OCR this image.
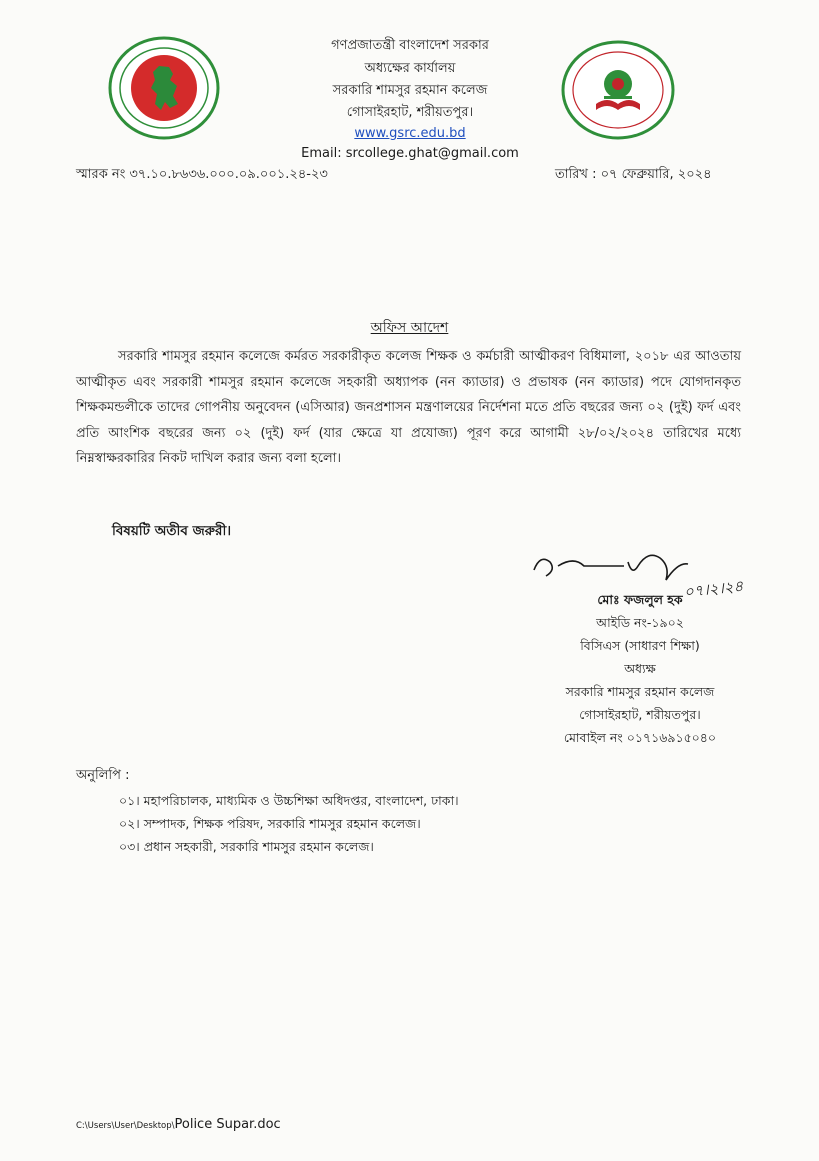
গণপ্রজাতন্ত্রী বাংলাদেশ সরকার
অধ্যক্ষের কার্যালয়
সরকারি শামসুর রহমান কলেজ
গোসাইরহাট, শরীয়তপুর।
www.gsrc.edu.bd
Email: srcollege.ghat@gmail.com
স্মারক নং ৩৭.১০.৮৬৩৬.০০০.০৯.০০১.২৪-২৩	তারিখ : ০৭ ফেব্রুয়ারি, ২০২৪
অফিস আদেশ
সরকারি শামসুর রহমান কলেজে কর্মরত সরকারীকৃত কলেজ শিক্ষক ও কর্মচারী আত্মীকরণ বিধিমালা, ২০১৮ এর আওতায় আত্মীকৃত এবং সরকারী শামসুর রহমান কলেজে সহকারী অধ্যাপক (নন ক্যাডার) ও প্রভাষক (নন ক্যাডার) পদে যোগদানকৃত শিক্ষকমন্ডলীকে তাদের গোপনীয় অনুবেদন (এসিআর) জনপ্রশাসন মন্ত্রণালয়ের নির্দেশনা মতে প্রতি বছরের জন্য ০২ (দুই) ফর্দ এবং প্রতি আংশিক বছরের জন্য ০২ (দুই) ফর্দ (যার ক্ষেত্রে যা প্রযোজ্য) পূরণ করে আগামী ২৮/০২/২০২৪ তারিখের মধ্যে নিম্নস্বাক্ষরকারির নিকট দাখিল করার জন্য বলা হলো।
বিষয়টি অতীব জরুরী।
০৭।২।২৪
মোঃ ফজলুল হক
আইডি নং-১৯০২
বিসিএস (সাধারণ শিক্ষা)
অধ্যক্ষ
সরকারি শামসুর রহমান কলেজ
গোসাইরহাট, শরীয়তপুর।
মোবাইল নং ০১৭১৬৯১৫০৪০
অনুলিপি :
০১। মহাপরিচালক, মাধ্যমিক ও উচ্চশিক্ষা অধিদপ্তর, বাংলাদেশ, ঢাকা।
০২। সম্পাদক, শিক্ষক পরিষদ, সরকারি শামসুর রহমান কলেজ।
০৩। প্রধান সহকারী, সরকারি শামসুর রহমান কলেজ।
C:\Users\User\Desktop\Police Supar.doc
